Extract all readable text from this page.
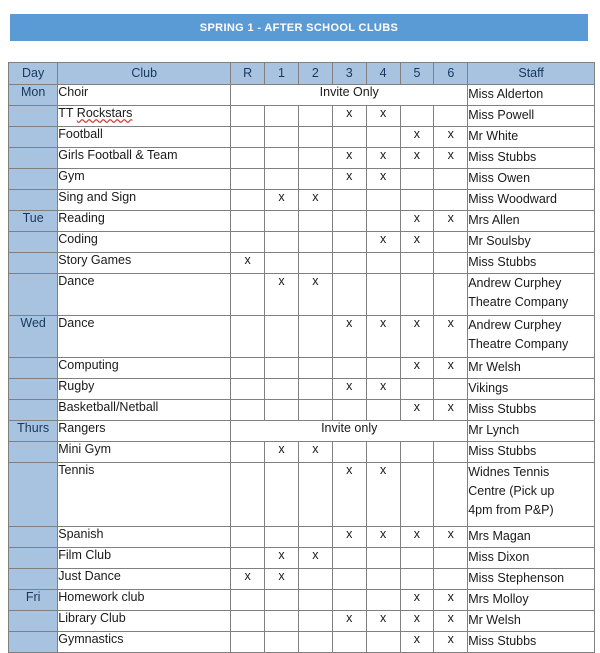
SPRING 1 - AFTER SCHOOL CLUBS
Day	Club	R	1	2	3	4	5	6	Staff
Mon	Choir	Invite Only							Miss Alderton

	TT Rockstars				x	x			Miss Powell

	Football						x	x	Mr White

	Girls Football & Team				x	x	x	x	Miss Stubbs

	Gym				x	x			Miss Owen

	Sing and Sign		x	x					Miss Woodward

Tue	Reading						x	x	Mrs Allen

	Coding					x	x		Mr Soulsby

	Story Games	x							Miss Stubbs

	Dance		x	x					Andrew Curphey
Theatre Company

Wed	Dance				x	x	x	x	Andrew Curphey
Theatre Company

	Computing						x	x	Mr Welsh

	Rugby				x	x			Vikings

	Basketball/Netball						x	x	Miss Stubbs

Thurs	Rangers	Invite only							Mr Lynch

	Mini Gym		x	x					Miss Stubbs

	Tennis				x	x			Widnes Tennis
Centre (Pick up
4pm from P&P)

	Spanish				x	x	x	x	Mrs Magan

	Film Club		x	x					Miss Dixon

	Just Dance	x	x						Miss Stephenson

Fri	Homework club						x	x	Mrs Molloy

	Library Club				x	x	x	x	Mr Welsh

	Gymnastics						x	x	Miss Stubbs
